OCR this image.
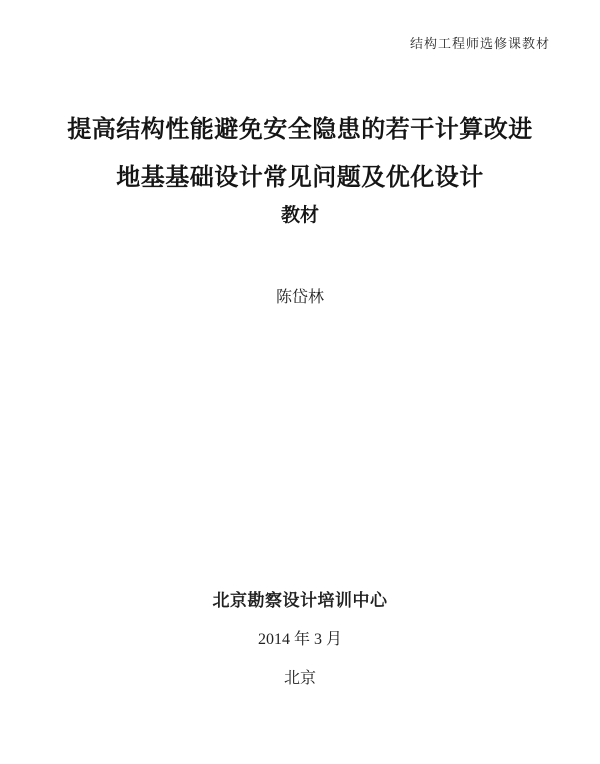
结构工程师选修课教材
提高结构性能避免安全隐患的若干计算改进
地基基础设计常见问题及优化设计
教材
陈岱林
北京勘察设计培训中心
2014 年 3 月
北京
